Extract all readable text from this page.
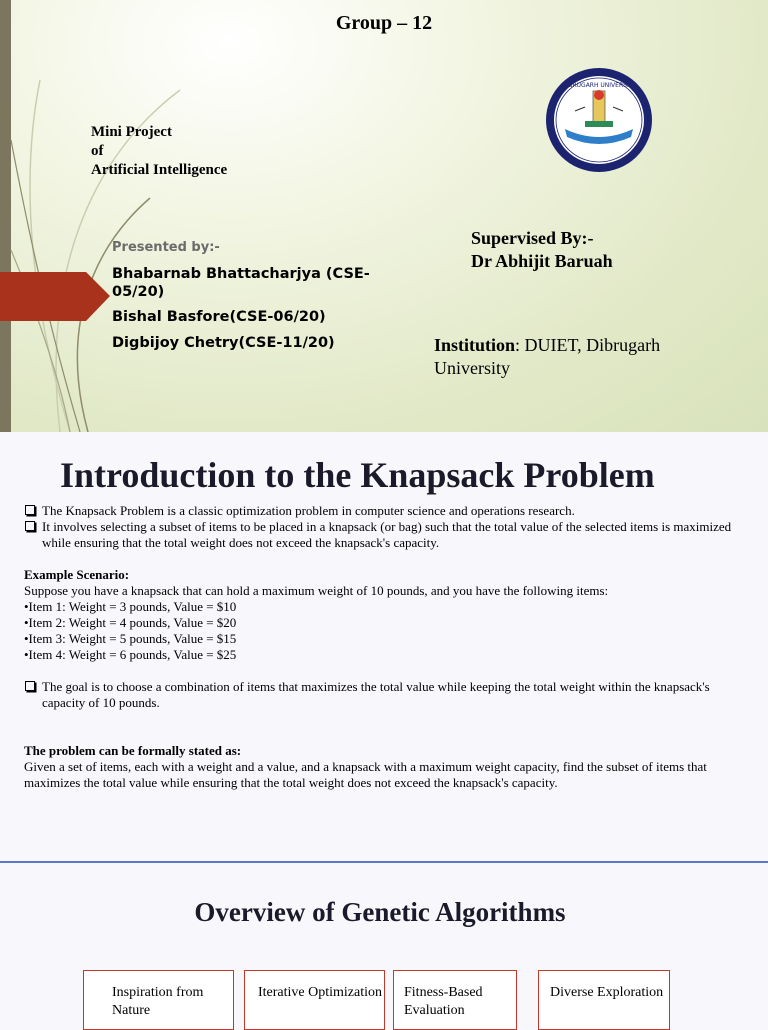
Group – 12
Mini Project
of
Artificial Intelligence
DIBRUGARH UNIVERSITY
Presented by:-
Bhabarnab Bhattacharjya (CSE-05/20)
Bishal Basfore(CSE-06/20)
Digbijoy Chetry(CSE-11/20)
Supervised By:-
Dr Abhijit Baruah
Institution: DUIET, Dibrugarh University
Introduction to the Knapsack Problem
The Knapsack Problem is a classic optimization problem in computer science and operations research.
It involves selecting a subset of items to be placed in a knapsack (or bag) such that the total value of the selected items is maximized while ensuring that the total weight does not exceed the knapsack's capacity.
Example Scenario:
Suppose you have a knapsack that can hold a maximum weight of 10 pounds, and you have the following items:
•Item 1: Weight = 3 pounds, Value = $10
•Item 2: Weight = 4 pounds, Value = $20
•Item 3: Weight = 5 pounds, Value = $15
•Item 4: Weight = 6 pounds, Value = $25
The goal is to choose a combination of items that maximizes the total value while keeping the total weight within the knapsack's capacity of 10 pounds.
The problem can be formally stated as:
Given a set of items, each with a weight and a value, and a knapsack with a maximum weight capacity, find the subset of items that maximizes the total value while ensuring that the total weight does not exceed the knapsack's capacity.
Overview of Genetic Algorithms
Inspiration from Nature
Iterative Optimization	Fitness-Based Evaluation
Diverse Exploration
